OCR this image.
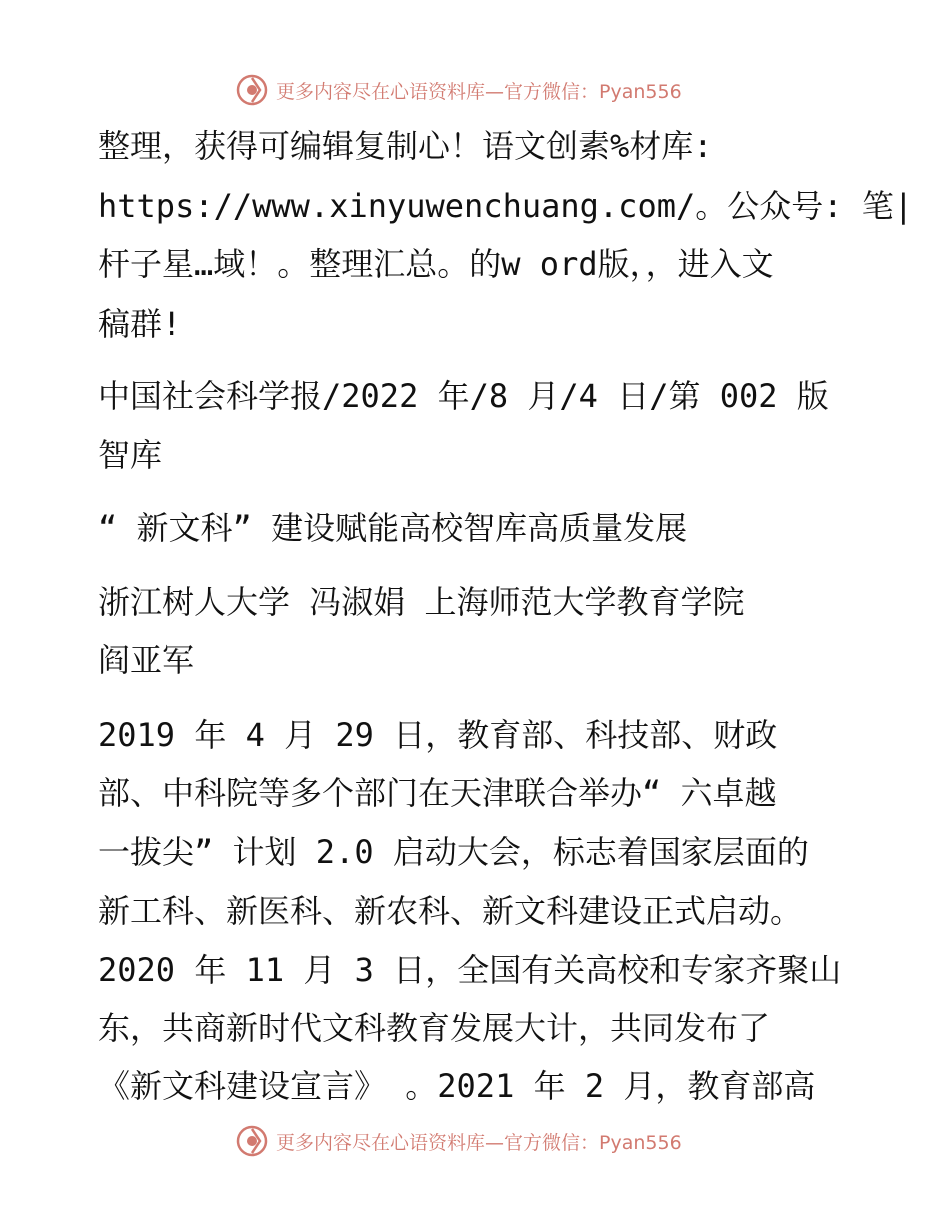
更多内容尽在心语资料库—官方微信：Pyan556
整理，获得可编辑复制心！语文创素%材库:
https://www.xinyuwenchuang.com/。公众号: 笔|
杆子星…域！。整理汇总。的w ord版，，进入文
稿群!
中国社会科学报/2022 年/8 月/4 日/第 002 版
智库
“ 新文科” 建设赋能高校智库高质量发展
浙江树人大学 冯淑娟 上海师范大学教育学院
阎亚军
2019 年 4 月 29 日，教育部、科技部、财政
部、中科院等多个部门在天津联合举办“ 六卓越
一拔尖” 计划 2.0 启动大会，标志着国家层面的
新工科、新医科、新农科、新文科建设正式启动。
2020 年 11 月 3 日，全国有关高校和专家齐聚山
东，共商新时代文科教育发展大计，共同发布了
《新文科建设宣言》 。2021 年 2 月，教育部高
更多内容尽在心语资料库—官方微信：Pyan556
